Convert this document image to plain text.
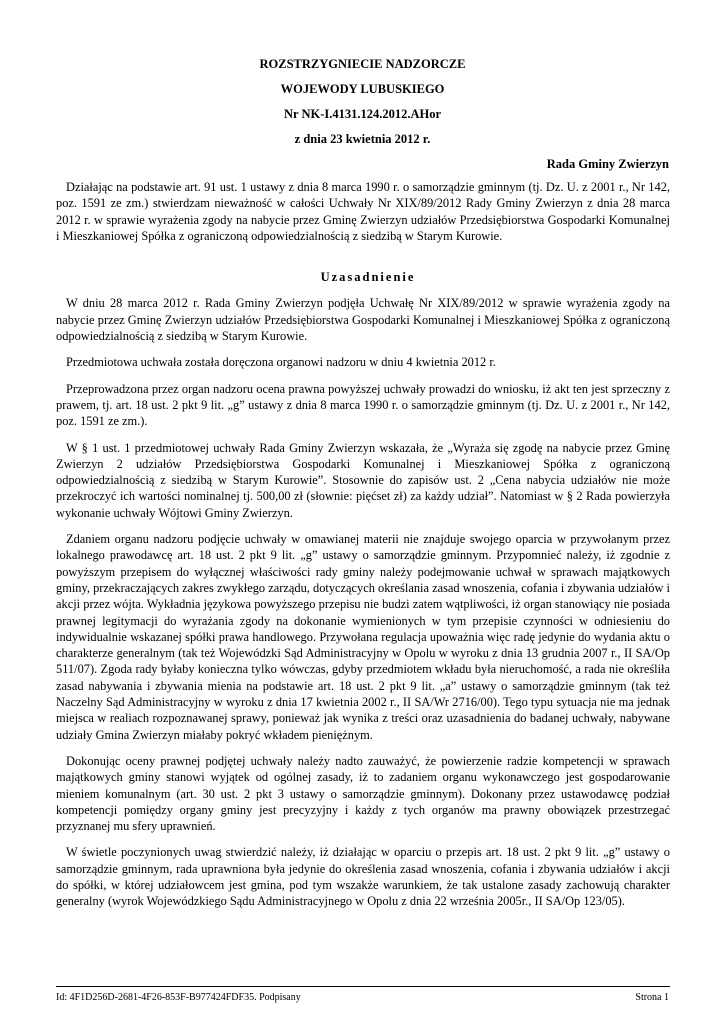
ROZSTRZYGNIECIE NADZORCZE
WOJEWODY LUBUSKIEGO
Nr NK-I.4131.124.2012.AHor
z dnia 23 kwietnia 2012 r.
Rada Gminy Zwierzyn

Działając na podstawie art. 91 ust. 1 ustawy z dnia 8 marca 1990 r. o samorządzie gminnym (tj. Dz. U. z 2001 r., Nr 142, poz. 1591 ze zm.) stwierdzam nieważność w całości Uchwały Nr XIX/89/2012 Rady Gminy Zwierzyn z dnia 28 marca 2012 r. w sprawie wyrażenia zgody na nabycie przez Gminę Zwierzyn udziałów Przedsiębiorstwa Gospodarki Komunalnej i Mieszkaniowej Spółka z ograniczoną odpowiedzialnością z siedzibą w Starym Kurowie.

Uzasadnienie

W dniu 28 marca 2012 r. Rada Gminy Zwierzyn podjęła Uchwałę Nr XIX/89/2012 w sprawie wyrażenia zgody na nabycie przez Gminę Zwierzyn udziałów Przedsiębiorstwa Gospodarki Komunalnej i Mieszkaniowej Spółka z ograniczoną odpowiedzialnością z siedzibą w Starym Kurowie.

Przedmiotowa uchwała została doręczona organowi nadzoru w dniu 4 kwietnia 2012 r.

Przeprowadzona przez organ nadzoru ocena prawna powyższej uchwały prowadzi do wniosku, iż akt ten jest sprzeczny z prawem, tj. art. 18 ust. 2 pkt 9 lit. „g” ustawy z dnia 8 marca 1990 r. o samorządzie gminnym (tj. Dz. U. z 2001 r., Nr 142, poz. 1591 ze zm.).

W § 1 ust. 1 przedmiotowej uchwały Rada Gminy Zwierzyn wskazała, że „Wyraża się zgodę na nabycie przez Gminę Zwierzyn 2 udziałów Przedsiębiorstwa Gospodarki Komunalnej i Mieszkaniowej Spółka z ograniczoną odpowiedzialnością z siedzibą w Starym Kurowie”. Stosownie do zapisów ust. 2 „Cena nabycia udziałów nie może przekroczyć ich wartości nominalnej tj. 500,00 zł (słownie: pięćset zł) za każdy udział”. Natomiast w § 2 Rada powierzyła wykonanie uchwały Wójtowi Gminy Zwierzyn.

Zdaniem organu nadzoru podjęcie uchwały w omawianej materii nie znajduje swojego oparcia w przywołanym przez lokalnego prawodawcę art. 18 ust. 2 pkt 9 lit. „g” ustawy o samorządzie gminnym. Przypomnieć należy, iż zgodnie z powyższym przepisem do wyłącznej właściwości rady gminy należy podejmowanie uchwał w sprawach majątkowych gminy, przekraczających zakres zwykłego zarządu, dotyczących określania zasad wnoszenia, cofania i zbywania udziałów i akcji przez wójta. Wykładnia językowa powyższego przepisu nie budzi zatem wątpliwości, iż organ stanowiący nie posiada prawnej legitymacji do wyrażania zgody na dokonanie wymienionych w tym przepisie czynności w odniesieniu do indywidualnie wskazanej spółki prawa handlowego. Przywołana regulacja upoważnia więc radę jedynie do wydania aktu o charakterze generalnym (tak też Wojewódzki Sąd Administracyjny w Opolu w wyroku z dnia 13 grudnia 2007 r., II SA/Op 511/07). Zgoda rady byłaby konieczna tylko wówczas, gdyby przedmiotem wkładu była nieruchomość, a rada nie określiła zasad nabywania i zbywania mienia na podstawie art. 18 ust. 2 pkt 9 lit. „a” ustawy o samorządzie gminnym (tak też Naczelny Sąd Administracyjny w wyroku z dnia 17 kwietnia 2002 r., II SA/Wr 2716/00). Tego typu sytuacja nie ma jednak miejsca w realiach rozpoznawanej sprawy, ponieważ jak wynika z treści oraz uzasadnienia do badanej uchwały, nabywane udziały Gmina Zwierzyn miałaby pokryć wkładem pieniężnym.

Dokonując oceny prawnej podjętej uchwały należy nadto zauważyć, że powierzenie radzie kompetencji w sprawach majątkowych gminy stanowi wyjątek od ogólnej zasady, iż to zadaniem organu wykonawczego jest gospodarowanie mieniem komunalnym (art. 30 ust. 2 pkt 3 ustawy o samorządzie gminnym). Dokonany przez ustawodawcę podział kompetencji pomiędzy organy gminy jest precyzyjny i każdy z tych organów ma prawny obowiązek przestrzegać przyznanej mu sfery uprawnień.

W świetle poczynionych uwag stwierdzić należy, iż działając w oparciu o przepis art. 18 ust. 2 pkt 9 lit. „g” ustawy o samorządzie gminnym, rada uprawniona była jedynie do określenia zasad wnoszenia, cofania i zbywania udziałów i akcji do spółki, w której udziałowcem jest gmina, pod tym wszakże warunkiem, że tak ustalone zasady zachowują charakter generalny (wyrok Wojewódzkiego Sądu Administracyjnego w Opolu z dnia 22 września 2005r., II SA/Op 123/05).

Id: 4F1D256D-2681-4F26-853F-B977424FDF35. Podpisany	Strona 1
